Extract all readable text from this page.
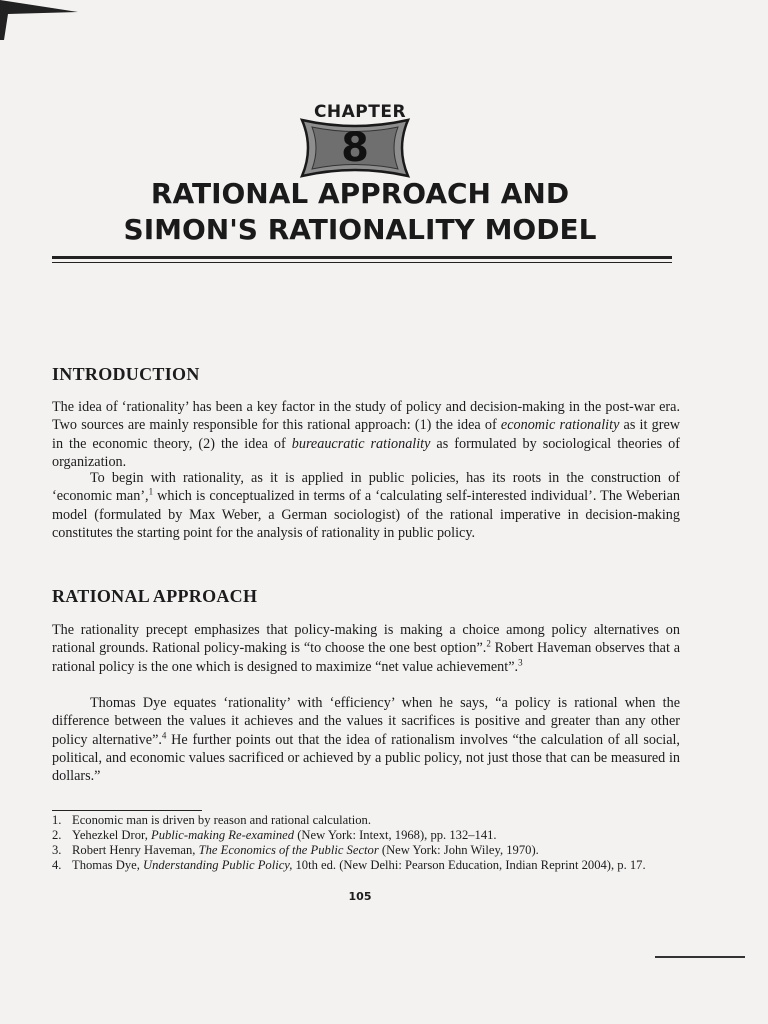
CHAPTER
8
RATIONAL APPROACH AND
SIMON'S RATIONALITY MODEL
INTRODUCTION

The idea of ‘rationality’ has been a key factor in the study of policy and decision-making in the post-war era. Two sources are mainly responsible for this rational approach: (1) the idea of economic rationality as it grew in the economic theory, (2) the idea of bureaucratic rationality as formulated by sociological theories of organization.

To begin with rationality, as it is applied in public policies, has its roots in the construction of ‘economic man’,$^1$ which is conceptualized in terms of a ‘calculating self-interested individual’. The Weberian model (formulated by Max Weber, a German sociologist) of the rational imperative in decision-making constitutes the starting point for the analysis of rationality in public policy.

RATIONAL APPROACH

The rationality precept emphasizes that policy-making is making a choice among policy alternatives on rational grounds. Rational policy-making is “to choose the one best option”.$^2$ Robert Haveman observes that a rational policy is the one which is designed to maximize “net value achievement”.$^3$

Thomas Dye equates ‘rationality’ with ‘efficiency’ when he says, “a policy is rational when the difference between the values it achieves and the values it sacrifices is positive and greater than any other policy alternative”.$^4$ He further points out that the idea of rationalism involves “the calculation of all social, political, and economic values sacrificed or achieved by a public policy, not just those that can be measured in dollars.”

1. Economic man is driven by reason and rational calculation.
2. Yehezkel Dror, Public-making Re-examined (New York: Intext, 1968), pp. 132–141.
3. Robert Henry Haveman, The Economics of the Public Sector (New York: John Wiley, 1970).
4. Thomas Dye, Understanding Public Policy, 10th ed. (New Delhi: Pearson Education, Indian Reprint 2004), p. 17.
105
